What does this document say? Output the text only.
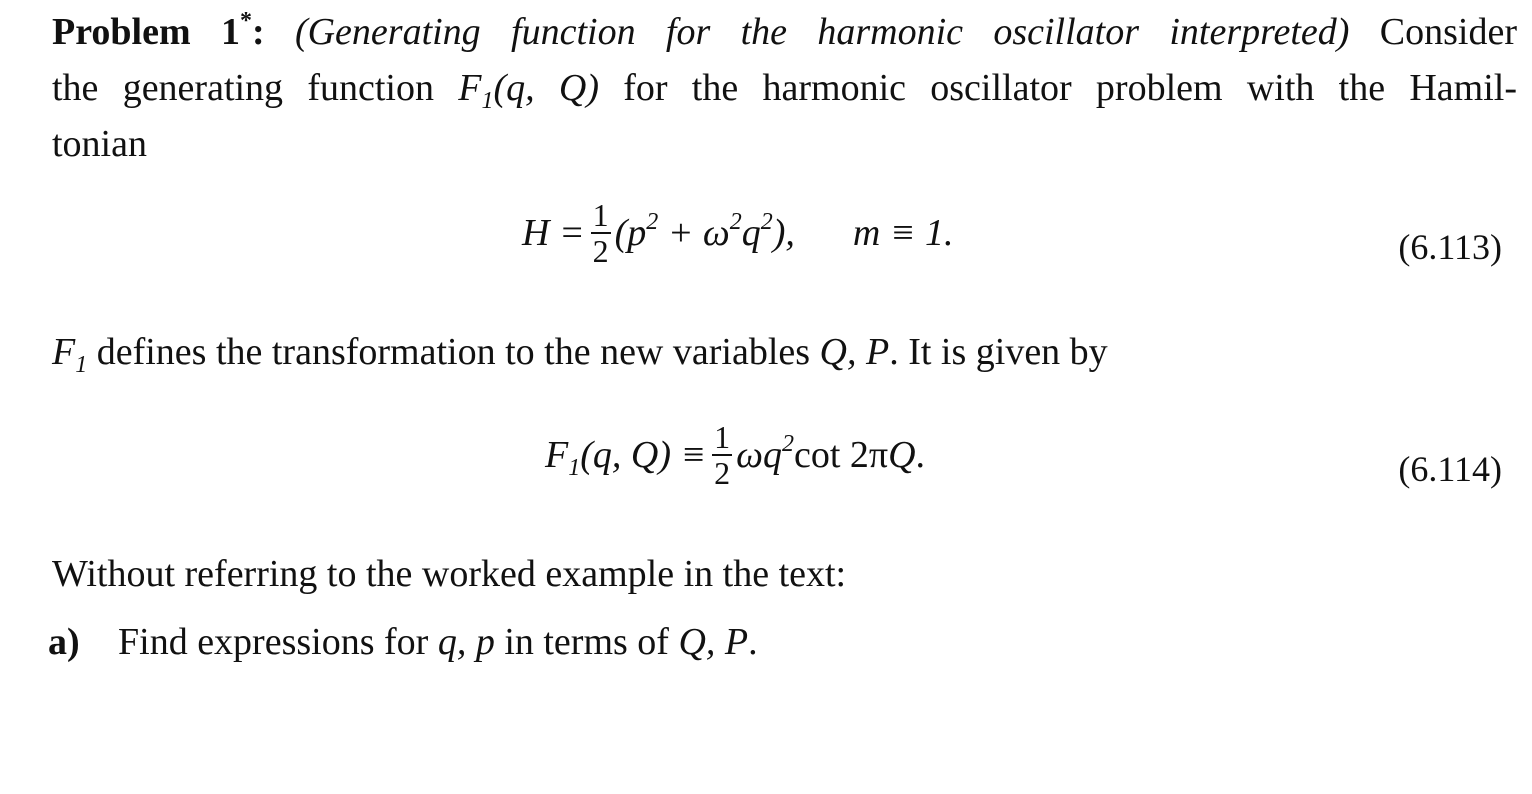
Problem 1*: (Generating function for the harmonic oscillator interpreted) Consider
the generating function $F_1(q$, Q) for the harmonic oscillator problem with the Hamil-
tonian
$H = \frac{1}{2} (p^2 + \omega^2q^2)$, m ≡ 1.	(6.113)
$F_1$ defines the transformation to the new variables Q, P. It is given by
$F_1(q$, $Q) \equiv \frac{1}{2} \omega q^2$ cot 2π Q .	(6.114)
Without referring to the worked example in the text:
a) Find expressions for q, p in terms of Q, P.
